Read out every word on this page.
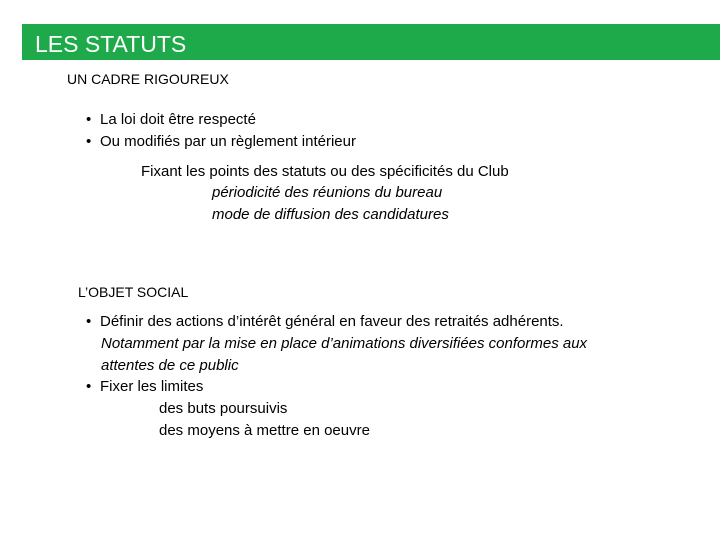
LES STATUTS
UN CADRE RIGOUREUX
• La loi doit être respecté
• Ou modifiés par un règlement intérieur
Fixant les points des statuts ou des spécificités du Club
périodicité des réunions du bureau
mode de diffusion des candidatures
L’OBJET SOCIAL
• Définir des actions d’intérêt général en faveur des retraités adhérents.
Notamment par la mise en place d’animations diversifiées conformes aux
attentes de ce public
• Fixer les limites
des buts poursuivis
des moyens à mettre en oeuvre
